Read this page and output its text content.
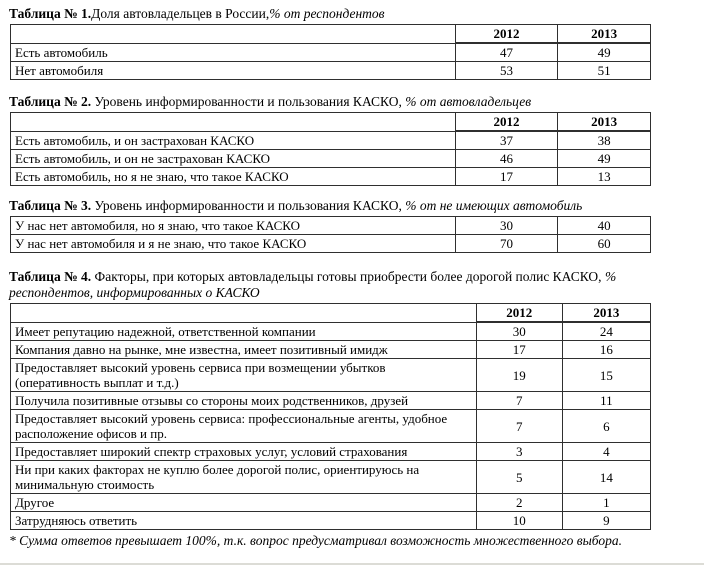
Таблица № 1.Доля автовладельцев в России,% от респондентов

	2012	2013
Есть автомобиль	47	49
Нет автомобиля	53	51

Таблица № 2. Уровень информированности и пользования КАСКО, % от автовладельцев

	2012	2013
Есть автомобиль, и он застрахован КАСКО	37	38
Есть автомобиль, и он не застрахован КАСКО	46	49
Есть автомобиль, но я не знаю, что такое КАСКО	17	13

Таблица № 3. Уровень информированности и пользования КАСКО, % от не имеющих автомобиль

У нас нет автомобиля, но я знаю, что такое КАСКО	30	40
У нас нет автомобиля и я не знаю, что такое КАСКО	70	60

Таблица № 4. Факторы, при которых автовладельцы готовы приобрести более дорогой полис КАСКО, % респондентов, информированных о КАСКО

	2012	2013
Имеет репутацию надежной, ответственной компании	30	24
Компания давно на рынке, мне известна, имеет позитивный имидж	17	16
Предоставляет высокий уровень сервиса при возмещении убытков (оперативность выплат и т.д.)	19	15
Получила позитивные отзывы со стороны моих родственников, друзей	7	11
Предоставляет высокий уровень сервиса: профессиональные агенты, удобное расположение офисов и пр.	7	6
Предоставляет широкий спектр страховых услуг, условий страхования	3	4
Ни при каких факторах не куплю более дорогой полис, ориентируюсь на минимальную стоимость	5	14
Другое	2	1
Затрудняюсь ответить	10	9

* Сумма ответов превышает 100%, т.к. вопрос предусматривал возможность множественного выбора.
